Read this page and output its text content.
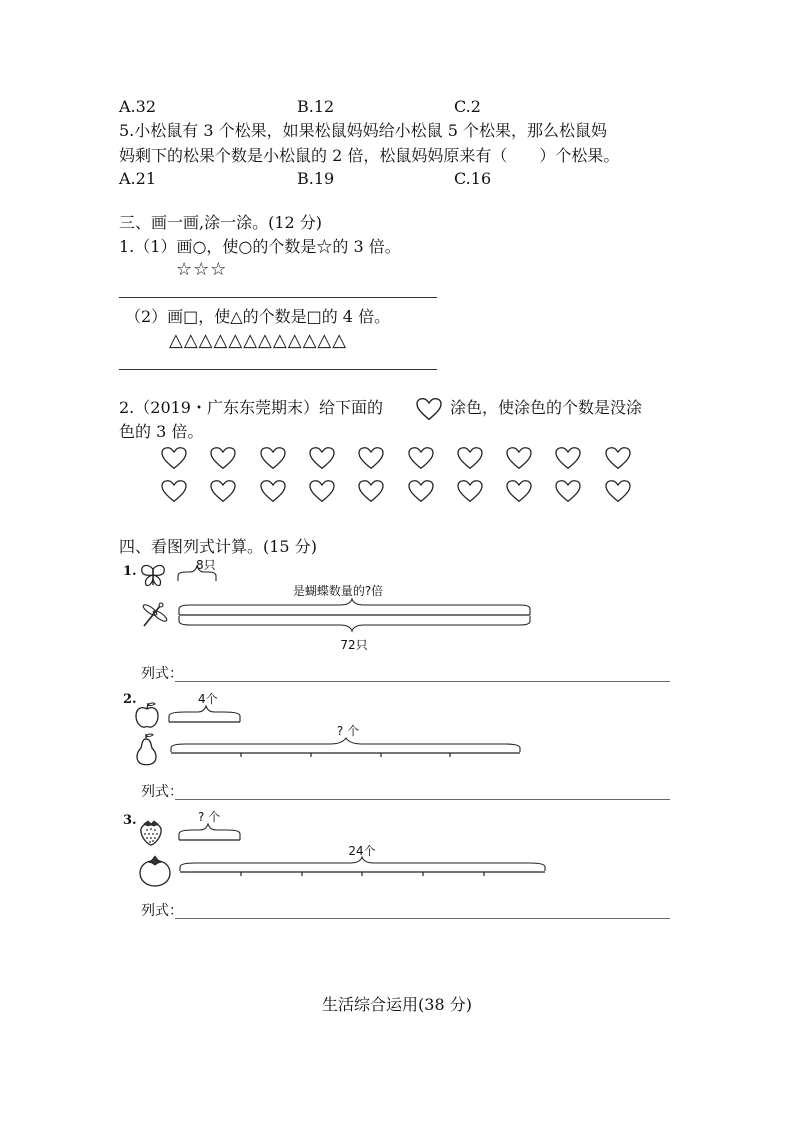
A.32	B.12	C.2
5.小松鼠有 3 个松果，如果松鼠妈妈给小松鼠 5 个松果，那么松鼠妈
妈剩下的松果个数是小松鼠的 2 倍，松鼠妈妈原来有（　　）个松果。
A.21	B.19	C.16
三、画一画,涂一涂。(12 分)
1.（1）画○，使○的个数是☆的 3 倍。
☆☆☆
（2）画□，使△的个数是□的 4 倍。
△△△△△△△△△△△△
2.（2019・广东东莞期末）给下面的	涂色，使涂色的个数是没涂
色的 3 倍。
四、看图列式计算。(15 分)
1.	8只
是蝴蝶数量的?倍
72只
列式：
2.	4个
? 个
列式：
3.	? 个
24个
列式：
生活综合运用(38 分)
